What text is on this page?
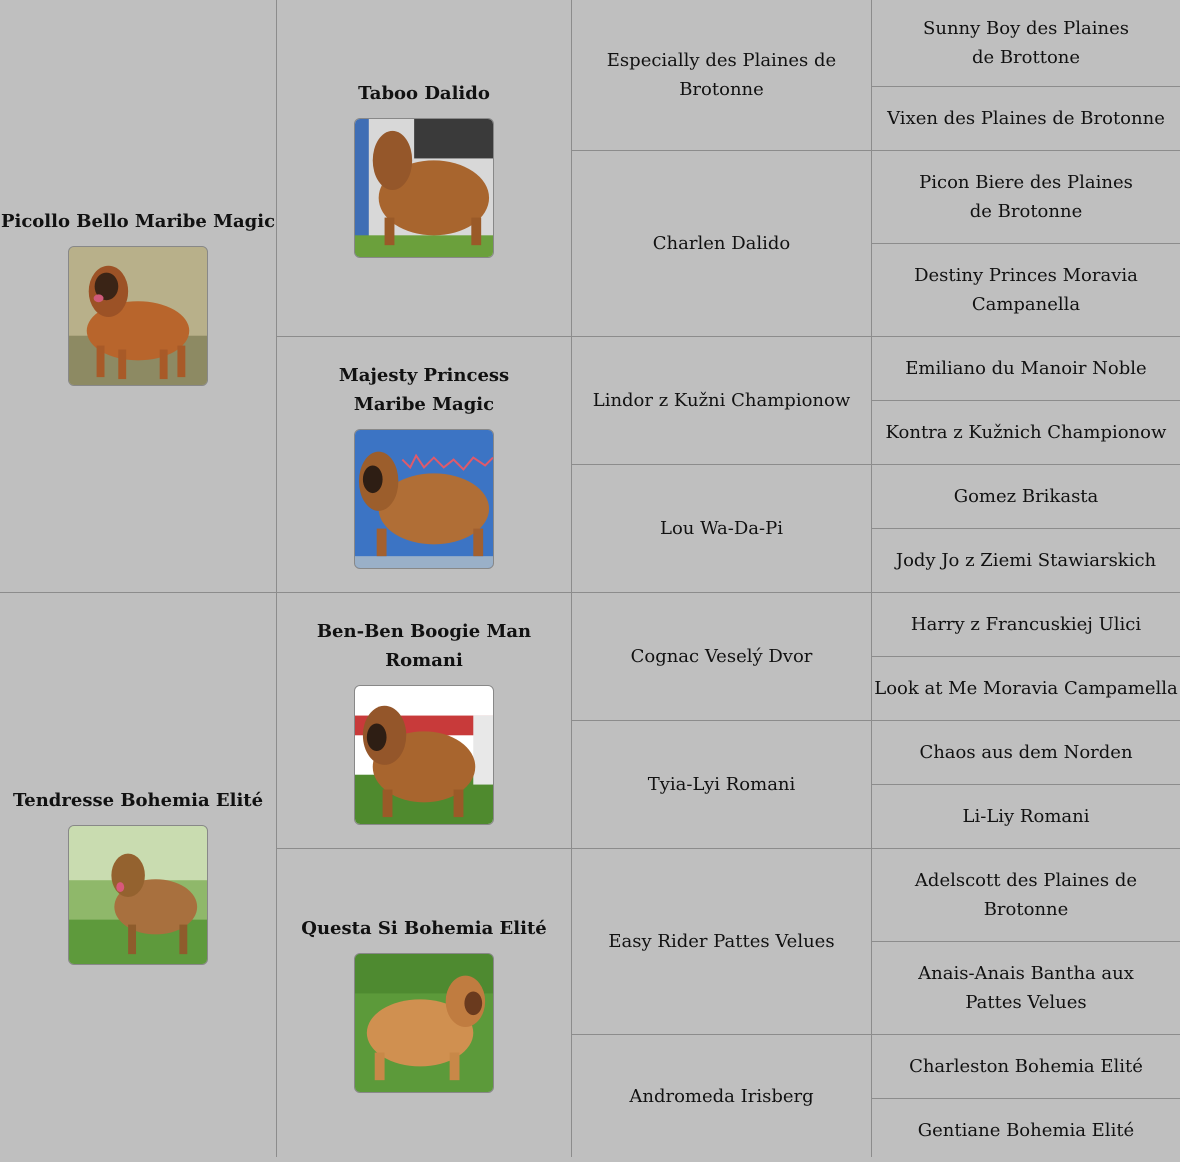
Picollo Bello Maribe Magic
Tendresse Bohemia Elité
Taboo Dalido
Majesty Princess Maribe Magic
Ben-Ben Boogie Man Romani
Questa Si Bohemia Elité
Especially des Plaines de Brotonne
Charlen Dalido
Lindor z Kužni Championow
Lou Wa-Da-Pi
Cognac Veselý Dvor
Tyia-Lyi Romani
Easy Rider Pattes Velues
Andromeda Irisberg
Sunny Boy des Plaines de Brottone
Vixen des Plaines de Brotonne
Picon Biere des Plaines de Brotonne
Destiny Princes Moravia Campanella
Emiliano du Manoir Noble
Kontra z Kužnich Championow
Gomez Brikasta
Jody Jo z Ziemi Stawiarskich
Harry z Francuskiej Ulici
Look at Me Moravia Campamella
Chaos aus dem Norden
Li-Liy Romani
Adelscott des Plaines de Brotonne
Anais-Anais Bantha aux Pattes Velues
Charleston Bohemia Elité
Gentiane Bohemia Elité
